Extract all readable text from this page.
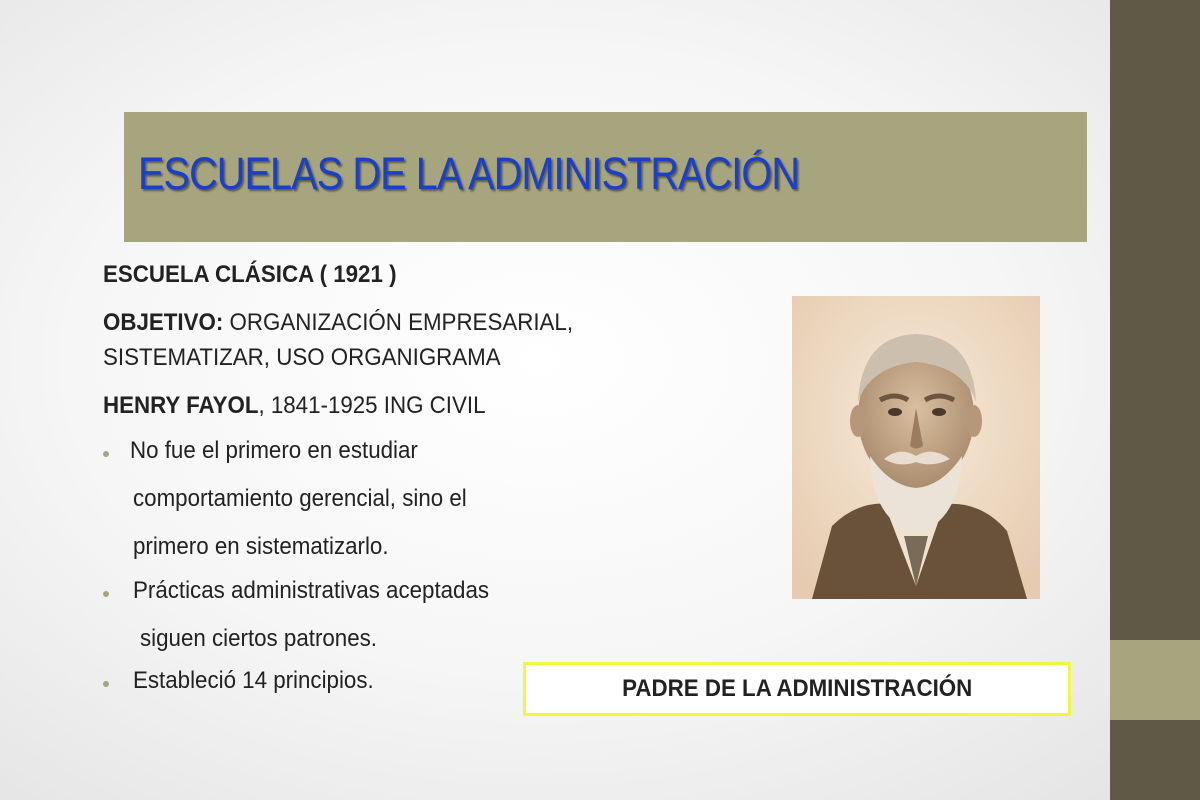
ESCUELAS DE LA ADMINISTRACIÓN
ESCUELA CLÁSICA ( 1921 )
OBJETIVO: ORGANIZACIÓN EMPRESARIAL,
SISTEMATIZAR, USO ORGANIGRAMA
HENRY FAYOL, 1841-1925 ING CIVIL
No fue el primero en estudiar
comportamiento gerencial, sino el
primero en sistematizarlo.
Prácticas administrativas aceptadas
siguen ciertos patrones.
Estableció 14 principios.	PADRE DE LA ADMINISTRACIÓN
